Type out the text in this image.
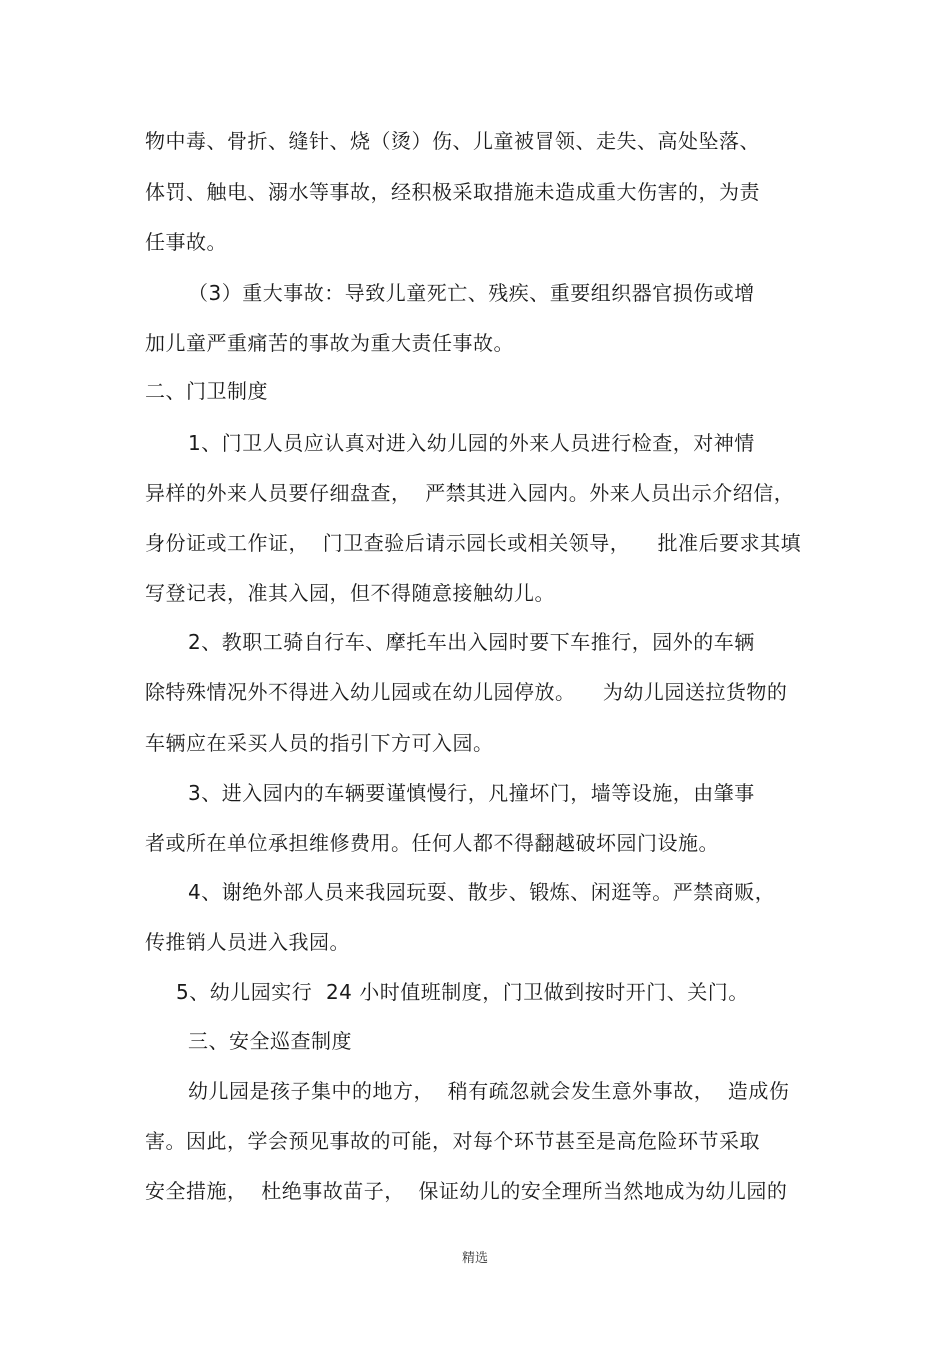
物中毒、骨折、缝针、烧（烫）伤、儿童被冒领、走失、高处坠落、
体罚、触电、溺水等事故，经积极采取措施未造成重大伤害的，为责
任事故。
（3）重大事故：导致儿童死亡、残疾、重要组织器官损伤或增
加儿童严重痛苦的事故为重大责任事故。
二、门卫制度
1、门卫人员应认真对进入幼儿园的外来人员进行检查，对神情
异样的外来人员要仔细盘查，  严禁其进入园内。外来人员出示介绍信，
身份证或工作证，  门卫查验后请示园长或相关领导，    批准后要求其填
写登记表，准其入园，但不得随意接触幼儿。
2、教职工骑自行车、摩托车出入园时要下车推行，园外的车辆
除特殊情况外不得进入幼儿园或在幼儿园停放。    为幼儿园送拉货物的
车辆应在采买人员的指引下方可入园。
3、进入园内的车辆要谨慎慢行，凡撞坏门，墙等设施，由肇事
者或所在单位承担维修费用。任何人都不得翻越破坏园门设施。
4、谢绝外部人员来我园玩耍、散步、锻炼、闲逛等。严禁商贩，
传推销人员进入我园。
5、幼儿园实行  24 小时值班制度，门卫做到按时开门、关门。
三、安全巡查制度
幼儿园是孩子集中的地方，  稍有疏忽就会发生意外事故，  造成伤
害。因此，学会预见事故的可能，对每个环节甚至是高危险环节采取
安全措施，  杜绝事故苗子，  保证幼儿的安全理所当然地成为幼儿园的
精选
